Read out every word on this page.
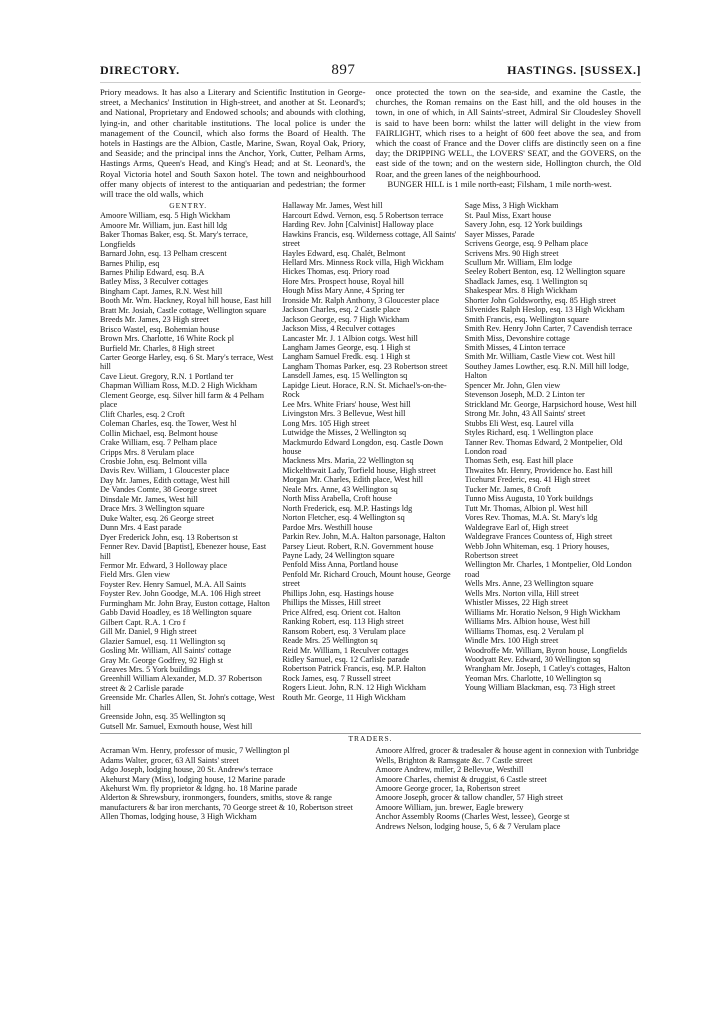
DIRECTORY.	897	HASTINGS. [SUSSEX.]

Priory meadows. It has also a Literary and Scientific Institution in George-street, a Mechanics' Institution in High-street, and another at St. Leonard's; and National, Proprietary and Endowed schools; and abounds with clothing, lying-in, and other charitable institutions. The local police is under the management of the Council, which also forms the Board of Health. The hotels in Hastings are the Albion, Castle, Marine, Swan, Royal Oak, Priory, and Seaside; and the principal inns the Anchor, York, Cutter, Pelham Arms, Hastings Arms, Queen's Head, and King's Head; and at St. Leonard's, the Royal Victoria hotel and South Saxon hotel. The town and neighbourhood offer many objects of interest to the antiquarian and pedestrian; the former will trace the old walls, which

once protected the town on the sea-side, and examine the Castle, the churches, the Roman remains on the East hill, and the old houses in the town, in one of which, in All Saints'-street, Admiral Sir Cloudesley Shovell is said to have been born: whilst the latter will delight in the view from FAIRLIGHT, which rises to a height of 600 feet above the sea, and from which the coast of France and the Dover cliffs are distinctly seen on a fine day; the DRIPPING WELL, the LOVERS' SEAT, and the GOVERS, on the east side of the town; and on the western side, Hollington church, the Old Roar, and the green lanes of the neighbourhood.

BUNGER HILL is 1 mile north-east; Filsham, 1 mile north-west.

GENTRY.
Amoore William, esq. 5 High Wickham
Amoore Mr. William, jun. East hill ldg
Baker Thomas Baker, esq. St. Mary's terrace, Longfields
Barnard John, esq. 13 Pelham crescent
Barnes Philip, esq
Barnes Philip Edward, esq. B.A
Batley Miss, 3 Reculver cottages
Bingham Capt. James, R.N. West hill
Booth Mr. Wm. Hackney, Royal hill house, East hill
Bratt Mr. Josiah, Castle cottage, Wellington square
Breeds Mr. James, 23 High street
Brisco Wastel, esq. Bohemian house
Brown Mrs. Charlotte, 16 White Rock pl
Burfield Mr. Charles, 8 High street
Carter George Harley, esq. 6 St. Mary's terrace, West hill
Cave Lieut. Gregory, R.N. 1 Portland ter
Chapman William Ross, M.D. 2 High Wickham
Clement George, esq. Silver hill farm & 4 Pelham place
Clift Charles, esq. 2 Croft
Coleman Charles, esq. the Tower, West hl
Collin Michael, esq. Belmont house
Crake William, esq. 7 Pelham place
Cripps Mrs. 8 Verulam place
Crosbie John, esq. Belmont villa
Davis Rev. William, 1 Gloucester place
Day Mr. James, Edith cottage, West hill
De Vandes Comte, 38 George street
Dinsdale Mr. James, West hill
Drace Mrs. 3 Wellington square
Duke Walter, esq. 26 George street
Dunn Mrs. 4 East parade
Dyer Frederick John, esq. 13 Robertson st
Fenner Rev. David [Baptist], Ebenezer house, East hill
Fermor Mr. Edward, 3 Holloway place
Field Mrs. Glen view
Foyster Rev. Henry Samuel, M.A. All Saints
Foyster Rev. John Goodge, M.A. 106 High street
Furmingham Mr. John Bray, Euston cottage, Halton
Gabb David Hoadley, es 18 Wellington square
Gilbert Capt. R.A. 1 Cro f
Gill Mr. Daniel, 9 High street
Glazier Samuel, esq. 11 Wellington sq
Gosling Mr. William, All Saints' cottage
Gray Mr. George Godfrey, 92 High st
Greaves Mrs. 5 York buildings
Greenhill William Alexander, M.D. 37 Robertson street & 2 Carlisle parade
Greenside Mr. Charles Allen, St. John's cottage, West hill
Greenside John, esq. 35 Wellington sq
Gutsell Mr. Samuel, Exmouth house, West hill
Hallaway Mr. James, West hill
Harcourt Edwd. Vernon, esq. 5 Robertson terrace
Harding Rev. John [Calvinist] Halloway place
Hawkins Francis, esq. Wilderness cottage, All Saints' street
Hayles Edward, esq. Chalét, Belmont
Hellard Mrs. Minness Rock villa, High Wickham
Hickes Thomas, esq. Priory road
Hore Mrs. Prospect house, Royal hill
Hough Miss Mary Anne, 4 Spring ter
Ironside Mr. Ralph Anthony, 3 Gloucester place
Jackson Charles, esq. 2 Castle place
Jackson George, esq. 7 High Wickham
Jackson Miss, 4 Reculver cottages
Lancaster Mr. J. 1 Albion cotgs. West hill
Langham James George, esq. 1 High st
Langham Samuel Fredk. esq. 1 High st
Langham Thomas Parker, esq. 23 Robertson street
Lansdell James, esq. 15 Wellington sq
Lapidge Lieut. Horace, R.N. St. Michael's-on-the-Rock
Lee Mrs. White Friars' house, West hill
Livingston Mrs. 3 Bellevue, West hill
Long Mrs. 105 High street
Lutwidge the Misses, 2 Wellington sq
Mackmurdo Edward Longdon, esq. Castle Down house
Mackness Mrs. Maria, 22 Wellington sq
Mickelthwait Lady, Torfield house, High street
Morgan Mr. Charles, Edith place, West hill
Neale Mrs. Anne, 43 Wellington sq
North Miss Arabella, Croft house
North Frederick, esq. M.P. Hastings ldg
Norton Fletcher, esq. 4 Wellington sq
Pardoe Mrs. Westhill house
Parkin Rev. John, M.A. Halton parsonage, Halton
Parsey Lieut. Robert, R.N. Government house
Payne Lady, 24 Wellington square
Penfold Miss Anna, Portland house
Penfold Mr. Richard Crouch, Mount house, George street
Phillips John, esq. Hastings house
Phillips the Misses, Hill street
Price Alfred, esq. Orient cot. Halton
Ranking Robert, esq. 113 High street
Ransom Robert, esq. 3 Verulam place
Reade Mrs. 25 Wellington sq
Reid Mr. William, 1 Reculver cottages
Ridley Samuel, esq. 12 Carlisle parade
Robertson Patrick Francis, esq. M.P. Halton
Rock James, esq. 7 Russell street
Rogers Lieut. John, R.N. 12 High Wickham
Routh Mr. George, 11 High Wickham
Sage Miss, 3 High Wickham
St. Paul Miss, Exart house
Savery John, esq. 12 York buildings
Sayer Misses, Parade
Scrivens George, esq. 9 Pelham place
Scrivens Mrs. 90 High street
Scullum Mr. William, Elm lodge
Seeley Robert Benton, esq. 12 Wellington square
Shadlack James, esq. 1 Wellington sq
Shakespear Mrs. 8 High Wickham
Shorter John Goldsworthy, esq. 85 High street
Silvenides Ralph Heslop, esq. 13 High Wickham
Smith Francis, esq. Wellington square
Smith Rev. Henry John Carter, 7 Cavendish terrace
Smith Miss, Devonshire cottage
Smith Misses, 4 Linton terrace
Smith Mr. William, Castle View cot. West hill
Southey James Lowther, esq. R.N. Mill hill lodge, Halton
Spencer Mr. John, Glen view
Stevenson Joseph, M.D. 2 Linton ter
Strickland Mr. George, Harpsichord house, West hill
Strong Mr. John, 43 All Saints' street
Stubbs Eli West, esq. Laurel villa
Styles Richard, esq. 1 Wellington place
Tanner Rev. Thomas Edward, 2 Montpelier, Old London road
Thomas Seth, esq. East hill place
Thwaites Mr. Henry, Providence ho. East hill
Ticehurst Frederic, esq. 41 High street
Tucker Mr. James, 8 Croft
Tunno Miss Augusta, 10 York buildngs
Tutt Mr. Thomas, Albion pl. West hill
Vores Rev. Thomas, M.A. St. Mary's ldg
Waldegrave Earl of, High street
Waldegrave Frances Countess of, High street
Webb John Whiteman, esq. 1 Priory houses, Robertson street
Wellington Mr. Charles, 1 Montpelier, Old London road
Wells Mrs. Anne, 23 Wellington square
Wells Mrs. Norton villa, Hill street
Whistler Misses, 22 High street
Williams Mr. Horatio Nelson, 9 High Wickham
Williams Mrs. Albion house, West hill
Williams Thomas, esq. 2 Verulam pl
Windle Mrs. 100 High street
Woodroffe Mr. William, Byron house, Longfields
Woodyatt Rev. Edward, 30 Wellington sq
Wrangham Mr. Joseph, 1 Catley's cottages, Halton
Yeoman Mrs. Charlotte, 10 Wellington sq
Young William Blackman, esq. 73 High street
TRADERS.
Acraman Wm. Henry, professor of music, 7 Wellington pl
Adams Walter, grocer, 63 All Saints' street
Adgo Joseph, lodging house, 20 St. Andrew's terrace
Akehurst Mary (Miss), lodging house, 12 Marine parade
Akehurst Wm. fly proprietor & ldgng. ho. 18 Marine parade
Alderton & Shrewsbury, ironmongers, founders, smiths, stove & range manufacturers & bar iron merchants, 70 George street & 10, Robertson street
Allen Thomas, lodging house, 3 High Wickham
Amoore Alfred, grocer & tradesaler & house agent in connexion with Tunbridge Wells, Brighton & Ramsgate &c. 7 Castle street
Amoore Andrew, miller, 2 Bellevue, Westhill
Amoore Charles, chemist & druggist, 6 Castle street
Amoore George grocer, 1a, Robertson street
Amoore Joseph, grocer & tallow chandler, 57 High street
Amoore William, jun. brewer, Eagle brewery
Anchor Assembly Rooms (Charles West, lessee), George st
Andrews Nelson, lodging house, 5, 6 & 7 Verulam place
